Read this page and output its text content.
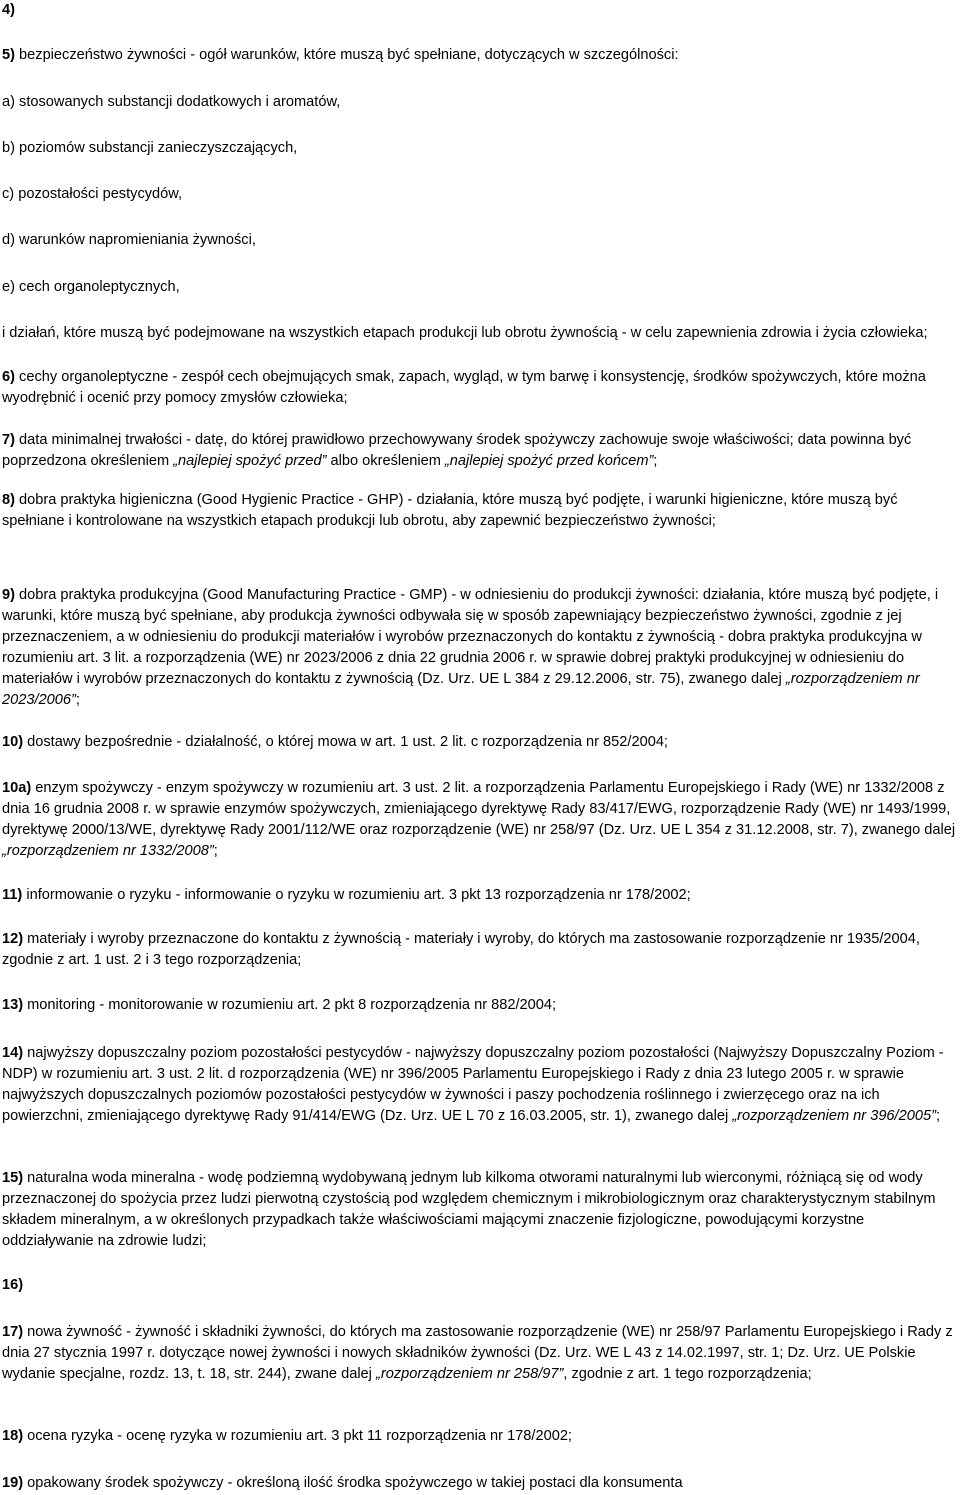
4)

5) bezpieczeństwo żywności - ogół warunków, które muszą być spełniane, dotyczących w szczególności:

a) stosowanych substancji dodatkowych i aromatów,

b) poziomów substancji zanieczyszczających,

c) pozostałości pestycydów,

d) warunków napromieniania żywności,

e) cech organoleptycznych,

i działań, które muszą być podejmowane na wszystkich etapach produkcji lub obrotu żywnością - w celu zapewnienia zdrowia i życia człowieka;

6) cechy organoleptyczne - zespół cech obejmujących smak, zapach, wygląd, w tym barwę i konsystencję, środków spożywczych, które można wyodrębnić i ocenić przy pomocy zmysłów człowieka;

7) data minimalnej trwałości - datę, do której prawidłowo przechowywany środek spożywczy zachowuje swoje właściwości; data powinna być poprzedzona określeniem „najlepiej spożyć przed” albo określeniem „najlepiej spożyć przed końcem”;

8) dobra praktyka higieniczna (Good Hygienic Practice - GHP) - działania, które muszą być podjęte, i warunki higieniczne, które muszą być spełniane i kontrolowane na wszystkich etapach produkcji lub obrotu, aby zapewnić bezpieczeństwo żywności;

9) dobra praktyka produkcyjna (Good Manufacturing Practice - GMP) - w odniesieniu do produkcji żywności: działania, które muszą być podjęte, i warunki, które muszą być spełniane, aby produkcja żywności odbywała się w sposób zapewniający bezpieczeństwo żywności, zgodnie z jej przeznaczeniem, a w odniesieniu do produkcji materiałów i wyrobów przeznaczonych do kontaktu z żywnością - dobra praktyka produkcyjna w rozumieniu art. 3 lit. a rozporządzenia (WE) nr 2023/2006 z dnia 22 grudnia 2006 r. w sprawie dobrej praktyki produkcyjnej w odniesieniu do materiałów i wyrobów przeznaczonych do kontaktu z żywnością (Dz. Urz. UE L 384 z 29.12.2006, str. 75), zwanego dalej „rozporządzeniem nr 2023/2006”;

10) dostawy bezpośrednie - działalność, o której mowa w art. 1 ust. 2 lit. c rozporządzenia nr 852/2004;

10a) enzym spożywczy - enzym spożywczy w rozumieniu art. 3 ust. 2 lit. a rozporządzenia Parlamentu Europejskiego i Rady (WE) nr 1332/2008 z dnia 16 grudnia 2008 r. w sprawie enzymów spożywczych, zmieniającego dyrektywę Rady 83/417/EWG, rozporządzenie Rady (WE) nr 1493/1999, dyrektywę 2000/13/WE, dyrektywę Rady 2001/112/WE oraz rozporządzenie (WE) nr 258/97 (Dz. Urz. UE L 354 z 31.12.2008, str. 7), zwanego dalej „rozporządzeniem nr 1332/2008”;

11) informowanie o ryzyku - informowanie o ryzyku w rozumieniu art. 3 pkt 13 rozporządzenia nr 178/2002;

12) materiały i wyroby przeznaczone do kontaktu z żywnością - materiały i wyroby, do których ma zastosowanie rozporządzenie nr 1935/2004, zgodnie z art. 1 ust. 2 i 3 tego rozporządzenia;

13) monitoring - monitorowanie w rozumieniu art. 2 pkt 8 rozporządzenia nr 882/2004;

14) najwyższy dopuszczalny poziom pozostałości pestycydów - najwyższy dopuszczalny poziom pozostałości (Najwyższy Dopuszczalny Poziom - NDP) w rozumieniu art. 3 ust. 2 lit. d rozporządzenia (WE) nr 396/2005 Parlamentu Europejskiego i Rady z dnia 23 lutego 2005 r. w sprawie najwyższych dopuszczalnych poziomów pozostałości pestycydów w żywności i paszy pochodzenia roślinnego i zwierzęcego oraz na ich powierzchni, zmieniającego dyrektywę Rady 91/414/EWG (Dz. Urz. UE L 70 z 16.03.2005, str. 1), zwanego dalej „rozporządzeniem nr 396/2005”;

15) naturalna woda mineralna - wodę podziemną wydobywaną jednym lub kilkoma otworami naturalnymi lub wierconymi, różniącą się od wody przeznaczonej do spożycia przez ludzi pierwotną czystością pod względem chemicznym i mikrobiologicznym oraz charakterystycznym stabilnym składem mineralnym, a w określonych przypadkach także właściwościami mającymi znaczenie fizjologiczne, powodującymi korzystne oddziaływanie na zdrowie ludzi;

16)

17) nowa żywność - żywność i składniki żywności, do których ma zastosowanie rozporządzenie (WE) nr 258/97 Parlamentu Europejskiego i Rady z dnia 27 stycznia 1997 r. dotyczące nowej żywności i nowych składników żywności (Dz. Urz. WE L 43 z 14.02.1997, str. 1; Dz. Urz. UE Polskie wydanie specjalne, rozdz. 13, t. 18, str. 244), zwane dalej „rozporządzeniem nr 258/97”, zgodnie z art. 1 tego rozporządzenia;

18) ocena ryzyka - ocenę ryzyka w rozumieniu art. 3 pkt 11 rozporządzenia nr 178/2002;

19) opakowany środek spożywczy - określoną ilość środka spożywczego w takiej postaci dla konsumenta
